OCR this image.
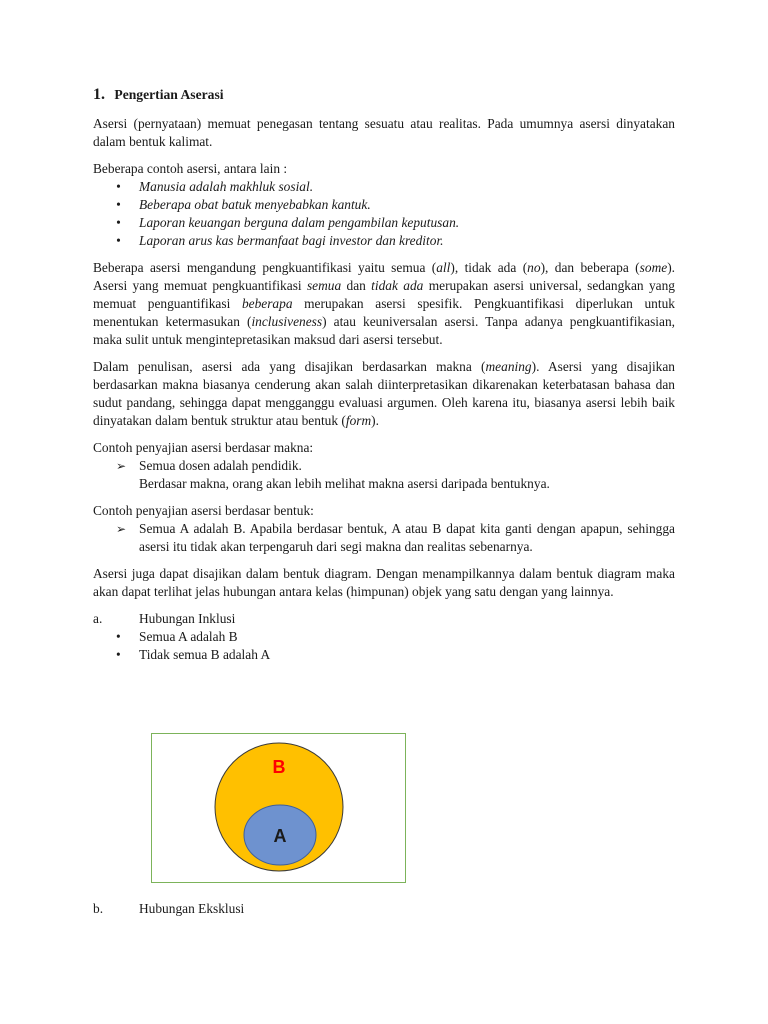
1. Pengertian Aserasi

Asersi (pernyataan) memuat penegasan tentang sesuatu atau realitas. Pada umumnya asersi dinyatakan dalam bentuk kalimat.

Beberapa contoh asersi, antara lain :

• Manusia adalah makhluk sosial.
• Beberapa obat batuk menyebabkan kantuk.
• Laporan keuangan berguna dalam pengambilan keputusan.
• Laporan arus kas bermanfaat bagi investor dan kreditor.

Beberapa asersi mengandung pengkuantifikasi yaitu semua (all), tidak ada (no), dan beberapa (some). Asersi yang memuat pengkuantifikasi semua dan tidak ada merupakan asersi universal, sedangkan yang memuat penguantifikasi beberapa merupakan asersi spesifik. Pengkuantifikasi diperlukan untuk menentukan ketermasukan (inclusiveness) atau keuniversalan asersi. Tanpa adanya pengkuantifikasian, maka sulit untuk mengintepretasikan maksud dari asersi tersebut.

Dalam penulisan, asersi ada yang disajikan berdasarkan makna (meaning). Asersi yang disajikan berdasarkan makna biasanya cenderung akan salah diinterpretasikan dikarenakan keterbatasan bahasa dan sudut pandang, sehingga dapat mengganggu evaluasi argumen. Oleh karena itu, biasanya asersi lebih baik dinyatakan dalam bentuk struktur atau bentuk (form).

Contoh penyajian asersi berdasar makna:

➢ Semua dosen adalah pendidik.
Berdasar makna, orang akan lebih melihat makna asersi daripada bentuknya.

Contoh penyajian asersi berdasar bentuk:

➢ Semua A adalah B. Apabila berdasar bentuk, A atau B dapat kita ganti dengan apapun, sehingga asersi itu tidak akan terpengaruh dari segi makna dan realitas sebenarnya.

Asersi juga dapat disajikan dalam bentuk diagram. Dengan menampilkannya dalam bentuk diagram maka akan dapat terlihat jelas hubungan antara kelas (himpunan) objek yang satu dengan yang lainnya.

a.	Hubungan Inklusi
• Semua A adalah B
• Tidak semua B adalah A
B
A
b.	Hubungan Eksklusi
